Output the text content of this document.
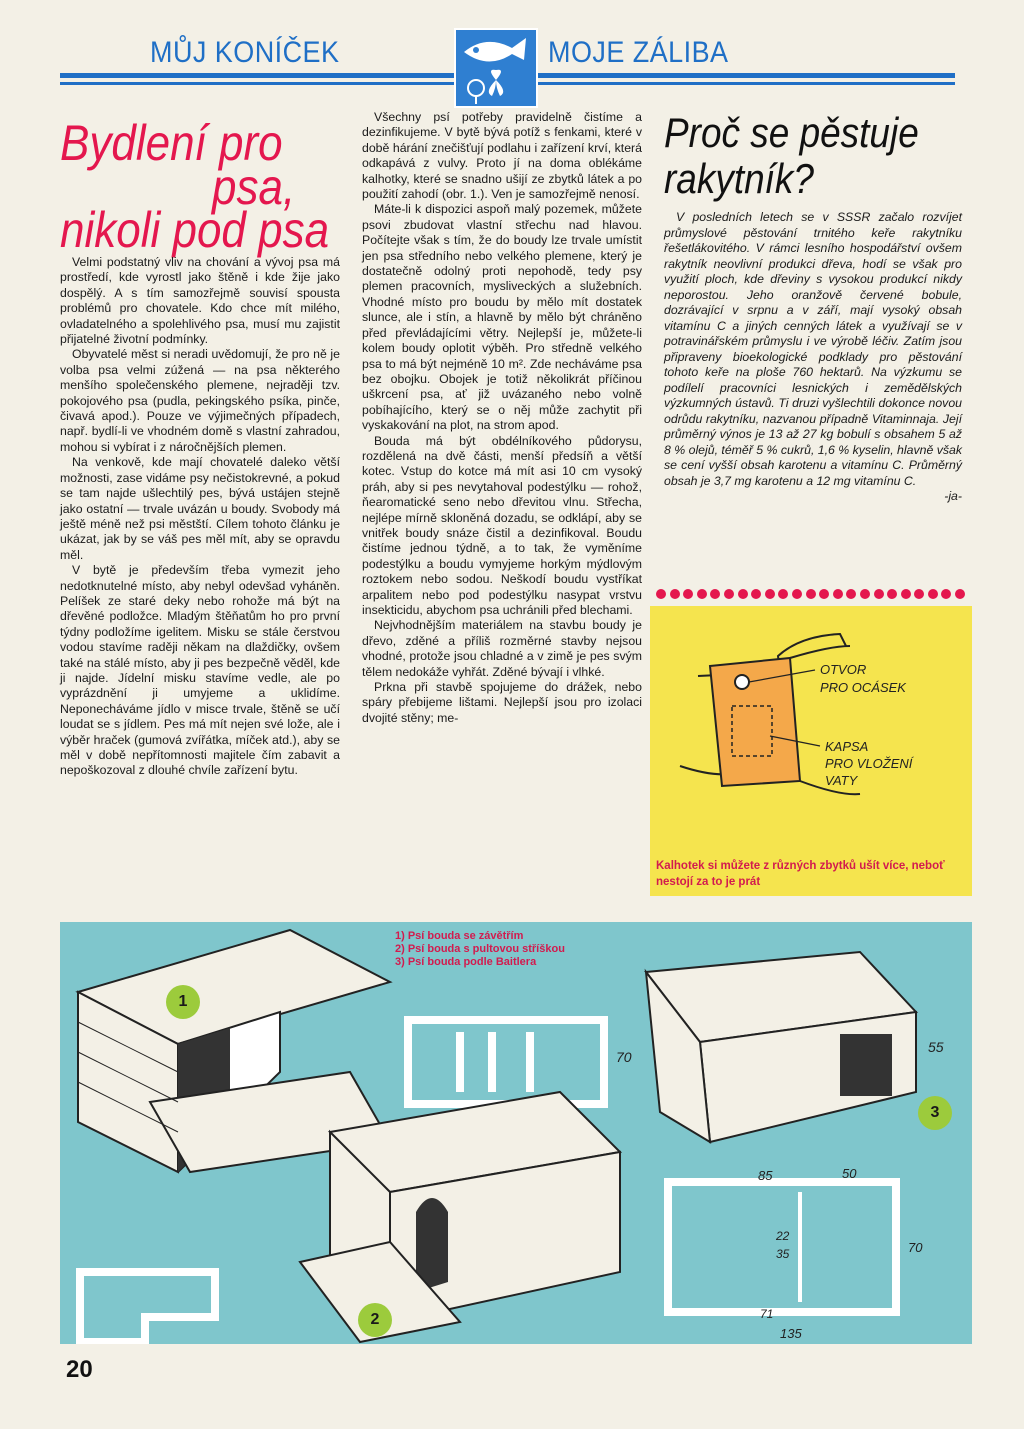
MŮJ KONÍČEK	MOJE ZÁLIBA
Bydlení pro
psa,
nikoli pod psa

Velmi podstatný vliv na chování a vývoj psa má prostředí, kde vyrostl jako štěně i kde žije jako dospělý. A s tím samozřejmě souvisí spousta problémů pro chovatele. Kdo chce mít milého, ovladatelného a spolehlivého psa, musí mu zajistit přijatelné životní podmínky.

Obyvatelé měst si neradi uvědomují, že pro ně je volba psa velmi zúžená — na psa některého menšího společenského plemene, nejraději tzv. pokojového psa (pudla, pekingského psíka, pinče, čivavá apod.). Pouze ve výjimečných případech, např. bydlí-li ve vhodném domě s vlastní zahradou, mohou si vybírat i z náročnějších plemen.

Na venkově, kde mají chovatelé daleko větší možnosti, zase vidáme psy nečistokrevné, a pokud se tam najde ušlechtilý pes, bývá ustájen stejně jako ostatní — trvale uvázán u boudy. Svobody má ještě méně než psi městští. Cílem tohoto článku je ukázat, jak by se váš pes měl mít, aby se opravdu měl.

V bytě je především třeba vymezit jeho nedotknutelné místo, aby nebyl odevšad vyháněn. Pelíšek ze staré deky nebo rohože má být na dřevěné podložce. Mladým štěňatům ho pro první týdny podložíme igelitem. Misku se stále čerstvou vodou stavíme raději někam na dlaždičky, ovšem také na stálé místo, aby ji pes bezpečně věděl, kde ji najde. Jídelní misku stavíme vedle, ale po vyprázdnění ji umyjeme a uklidíme. Neponecháváme jídlo v misce trvale, štěně se učí loudat se s jídlem. Pes má mít nejen své lože, ale i výběr hraček (gumová zvířátka, míček atd.), aby se měl v době nepřítomnosti majitele čím zabavit a nepoškozoval z dlouhé chvíle zařízení bytu.

Všechny psí potřeby pravidelně čistíme a dezinfikujeme. V bytě bývá potíž s fenkami, které v době hárání znečišťují podlahu i zařízení krví, která odkapává z vulvy. Proto jí na doma oblékáme kalhotky, které se snadno ušijí ze zbytků látek a po použití zahodí (obr. 1.). Ven je samozřejmě nenosí.

Máte-li k dispozici aspoň malý pozemek, můžete psovi zbudovat vlastní střechu nad hlavou. Počítejte však s tím, že do boudy lze trvale umístit jen psa středního nebo velkého plemene, který je dostatečně odolný proti nepohodě, tedy psy plemen pracovních, mysliveckých a služebních. Vhodné místo pro boudu by mělo mít dostatek slunce, ale i stín, a hlavně by mělo být chráněno před převládajícími větry. Nejlepší je, můžete-li kolem boudy oplotit výběh. Pro středně velkého psa to má být nejméně 10 m². Zde necháváme psa bez obojku. Obojek je totiž několikrát příčinou uškrcení psa, ať již uvázaného nebo volně pobíhajícího, který se o něj může zachytit při vyskakování na plot, na strom apod.

Bouda má být obdélníkového půdorysu, rozdělená na dvě části, menší předsíň a větší kotec. Vstup do kotce má mít asi 10 cm vysoký práh, aby si pes nevytahoval podestýlku — rohož, ňearomatické seno nebo dřevitou vlnu. Střecha, nejlépe mírně skloněná dozadu, se odklápí, aby se vnitřek boudy snáze čistil a dezinfikoval. Boudu čistíme jednou týdně, a to tak, že vyměníme podestýlku a boudu vymyjeme horkým mýdlovým roztokem nebo sodou. Neškodí boudu vystříkat arpalitem nebo pod podestýlku nasypat vrstvu insekticidu, abychom psa uchránili před blechami.

Nejvhodnějším materiálem na stavbu boudy je dřevo, zděné a příliš rozměrné stavby nejsou vhodné, protože jsou chladné a v zimě je pes svým tělem nedokáže vyhřát. Zděné bývají i vlhké.

Prkna při stavbě spojujeme do drážek, nebo spáry přebijeme lištami. Nejlepší jsou pro izolaci dvojité stěny; me-

Proč se pěstuje
rakytník?

V posledních letech se v SSSR začalo rozvíjet průmyslové pěstování trnitého keře rakytníku řešetlákovitého. V rámci lesního hospodářství ovšem rakytník neovlivní produkci dřeva, hodí se však pro využití ploch, kde dřeviny s vysokou produkcí nikdy neporostou. Jeho oranžově červené bobule, dozrávající v srpnu a v září, mají vysoký obsah vitamínu C a jiných cenných látek a využívají se v potravinářském průmyslu i ve výrobě léčiv. Zatím jsou připraveny bioekologické podklady pro pěstování tohoto keře na ploše 760 hektarů. Na výzkumu se podílelí pracovníci lesnických i zemědělských výzkumných ústavů. Ti druzi vyšlechtili dokonce novou odrůdu rakytníku, nazvanou případně Vitaminnaja. Její průměrný výnos je 13 až 27 kg bobulí s obsahem 5 až 8 % olejů, téměř 5 % cukrů, 1,6 % kyselin, hlavně však se cení vyšší obsah karotenu a vitamínu C. Průměrný obsah je 3,7 mg karotenu a 12 mg vitamínu C.

-ja-
OTVOR
PRO OCÁSEK
KAPSA
PRO VLOŽENÍ
VATY
Kalhotek si můžete z různých zbytků ušít více, neboť nestojí za to je prát
70
55
85	50
22
35
71
135
70
1) Psí bouda se závětřím
2) Psí bouda s pultovou stříškou
3) Psí bouda podle Baitlera
1
2
3
20
